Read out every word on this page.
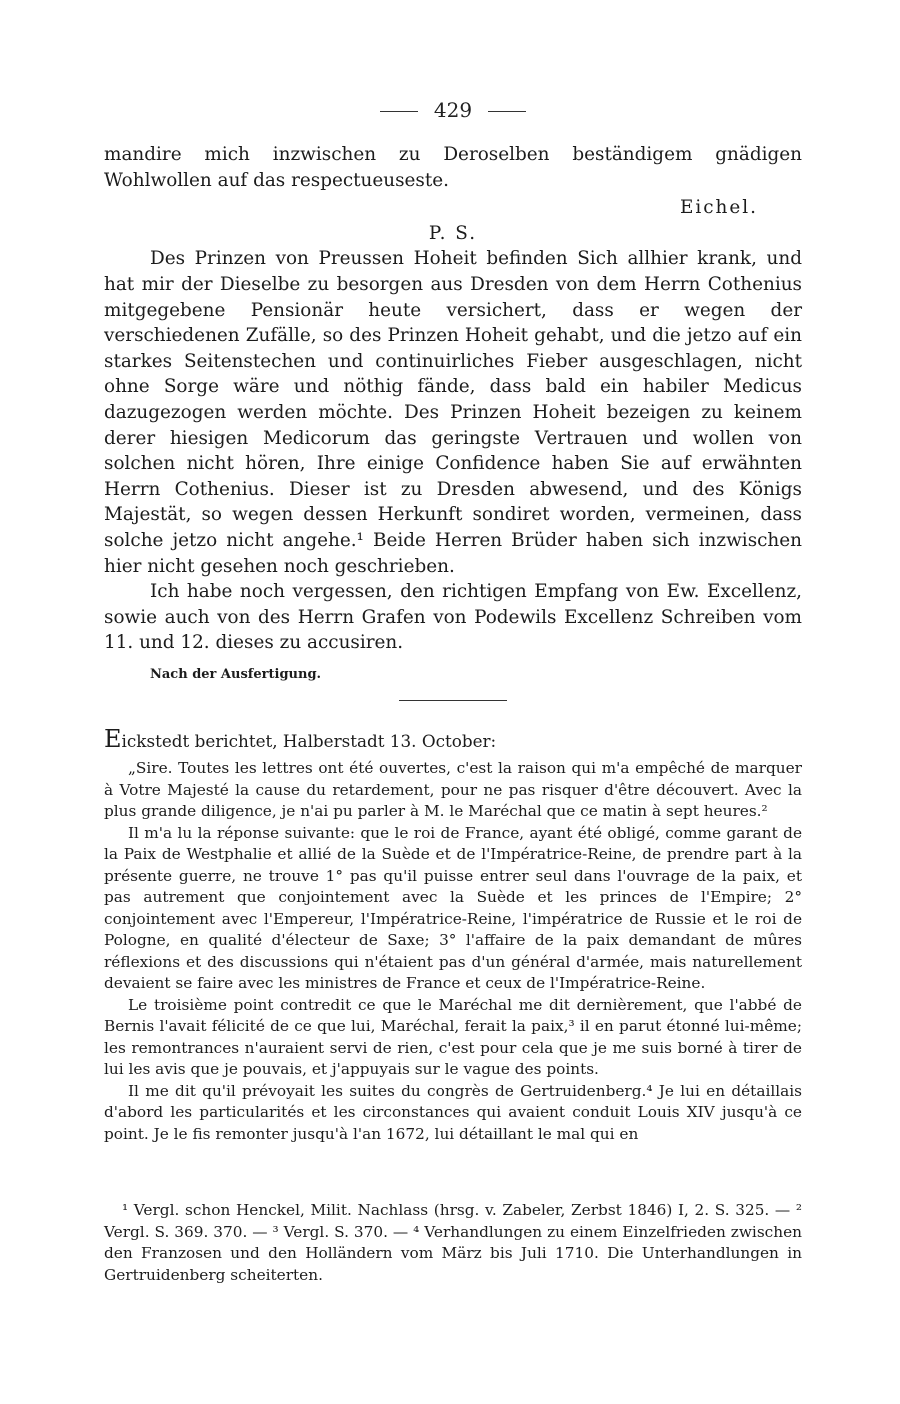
429

mandire mich inzwischen zu Deroselben beständigem gnädigen Wohlwollen auf das respectueuseste.

Eichel.

P. S.

Des Prinzen von Preussen Hoheit befinden Sich allhier krank, und hat mir der Dieselbe zu besorgen aus Dresden von dem Herrn Cothenius mitgegebene Pensionär heute versichert, dass er wegen der verschiedenen Zufälle, so des Prinzen Hoheit gehabt, und die jetzo auf ein starkes Seitenstechen und continuirliches Fieber ausgeschlagen, nicht ohne Sorge wäre und nöthig fände, dass bald ein habiler Medicus dazugezogen werden möchte. Des Prinzen Hoheit bezeigen zu keinem derer hiesigen Medicorum das geringste Vertrauen und wollen von solchen nicht hören, Ihre einige Confidence haben Sie auf erwähnten Herrn Cothenius. Dieser ist zu Dresden abwesend, und des Königs Majestät, so wegen dessen Herkunft sondiret worden, vermeinen, dass solche jetzo nicht angehe.¹ Beide Herren Brüder haben sich inzwischen hier nicht gesehen noch geschrieben.

Ich habe noch vergessen, den richtigen Empfang von Ew. Excellenz, sowie auch von des Herrn Grafen von Podewils Excellenz Schreiben vom 11. und 12. dieses zu accusiren.

Nach der Ausfertigung.

Eickstedt berichtet, Halberstadt 13. October:

„Sire. Toutes les lettres ont été ouvertes, c'est la raison qui m'a empêché de marquer à Votre Majesté la cause du retardement, pour ne pas risquer d'être découvert. Avec la plus grande diligence, je n'ai pu parler à M. le Maréchal que ce matin à sept heures.²

Il m'a lu la réponse suivante: que le roi de France, ayant été obligé, comme garant de la Paix de Westphalie et allié de la Suède et de l'Impératrice-Reine, de prendre part à la présente guerre, ne trouve 1° pas qu'il puisse entrer seul dans l'ouvrage de la paix, et pas autrement que conjointement avec la Suède et les princes de l'Empire; 2° conjointement avec l'Empereur, l'Impératrice-Reine, l'impératrice de Russie et le roi de Pologne, en qualité d'électeur de Saxe; 3° l'affaire de la paix demandant de mûres réflexions et des discussions qui n'étaient pas d'un général d'armée, mais naturellement devaient se faire avec les ministres de France et ceux de l'Impératrice-Reine.

Le troisième point contredit ce que le Maréchal me dit dernièrement, que l'abbé de Bernis l'avait félicité de ce que lui, Maréchal, ferait la paix,³ il en parut étonné lui-même; les remontrances n'auraient servi de rien, c'est pour cela que je me suis borné à tirer de lui les avis que je pouvais, et j'appuyais sur le vague des points.

Il me dit qu'il prévoyait les suites du congrès de Gertruidenberg.⁴ Je lui en détaillais d'abord les particularités et les circonstances qui avaient conduit Louis XIV jusqu'à ce point. Je le fis remonter jusqu'à l'an 1672, lui détaillant le mal qui en

¹ Vergl. schon Henckel, Milit. Nachlass (hrsg. v. Zabeler, Zerbst 1846) I, 2. S. 325. — ² Vergl. S. 369. 370. — ³ Vergl. S. 370. — ⁴ Verhandlungen zu einem Einzelfrieden zwischen den Franzosen und den Holländern vom März bis Juli 1710. Die Unterhandlungen in Gertruidenberg scheiterten.
